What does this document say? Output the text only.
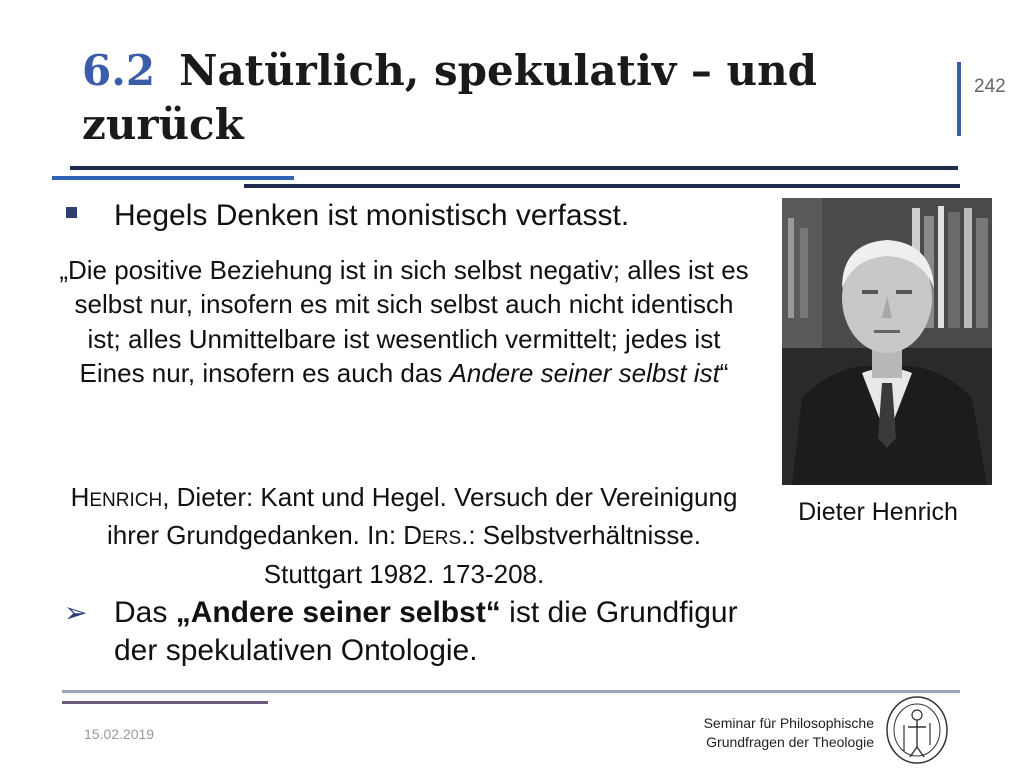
6.2 Natürlich, spekulativ – und zurück
242
Hegels Denken ist monistisch verfasst.
„Die positive Beziehung ist in sich selbst negativ; alles ist es selbst nur, insofern es mit sich selbst auch nicht identisch ist; alles Unmittelbare ist wesentlich vermittelt; jedes ist Eines nur, insofern es auch das Andere seiner selbst ist“
HENRICH, Dieter: Kant und Hegel. Versuch der Vereinigung ihrer Grundgedanken. In: DERS.: Selbstverhältnisse. Stuttgart 1982. 173-208.
➢ Das „Andere seiner selbst“ ist die Grundfigur der spekulativen Ontologie.
Dieter Henrich
15.02.2019
Seminar für Philosophische
Grundfragen der Theologie
